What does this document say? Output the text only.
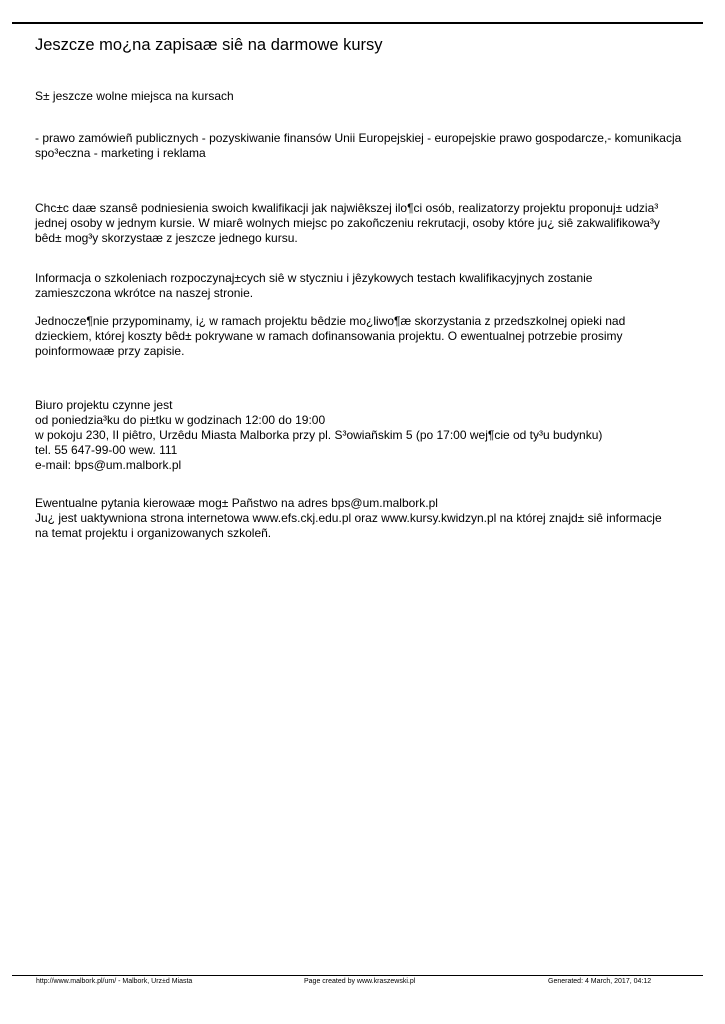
Jeszcze mo¿na zapisaæ siê na darmowe kursy
S± jeszcze wolne miejsca na kursach
- prawo zamówieñ publicznych - pozyskiwanie finansów Unii Europejskiej - europejskie prawo gospodarcze,- komunikacja
spo³eczna - marketing i reklama
Chc±c daæ szansê podniesienia swoich kwalifikacji jak najwiêkszej ilo¶ci osób, realizatorzy projektu proponuj± udzia³
jednej osoby w jednym kursie. W miarê wolnych miejsc po zakoñczeniu rekrutacji, osoby które ju¿ siê zakwalifikowa³y
bêd± mog³y skorzystaæ z jeszcze jednego kursu.
Informacja o szkoleniach rozpoczynaj±cych siê w styczniu i jêzykowych testach kwalifikacyjnych zostanie
zamieszczona wkrótce na naszej stronie.
Jednocze¶nie przypominamy, i¿ w ramach projektu bêdzie mo¿liwo¶æ skorzystania z przedszkolnej opieki nad
dzieckiem, której koszty bêd± pokrywane w ramach dofinansowania projektu. O ewentualnej potrzebie prosimy
poinformowaæ przy zapisie.
Biuro projektu czynne jest
od poniedzia³ku do pi±tku w godzinach 12:00 do 19:00
w pokoju 230, II piêtro, Urzêdu Miasta Malborka przy pl. S³owiañskim 5 (po 17:00 wej¶cie od ty³u budynku)
tel. 55 647-99-00 wew. 111
e-mail: bps@um.malbork.pl
Ewentualne pytania kierowaæ mog± Pañstwo na adres bps@um.malbork.pl
Ju¿ jest uaktywniona strona internetowa www.efs.ckj.edu.pl oraz www.kursy.kwidzyn.pl na której znajd± siê informacje
na temat projektu i organizowanych szkoleñ.
http://www.malbork.pl/um/ - Malbork, Urz±d Miasta	Page created by www.kraszewski.pl	Generated: 4 March, 2017, 04:12
